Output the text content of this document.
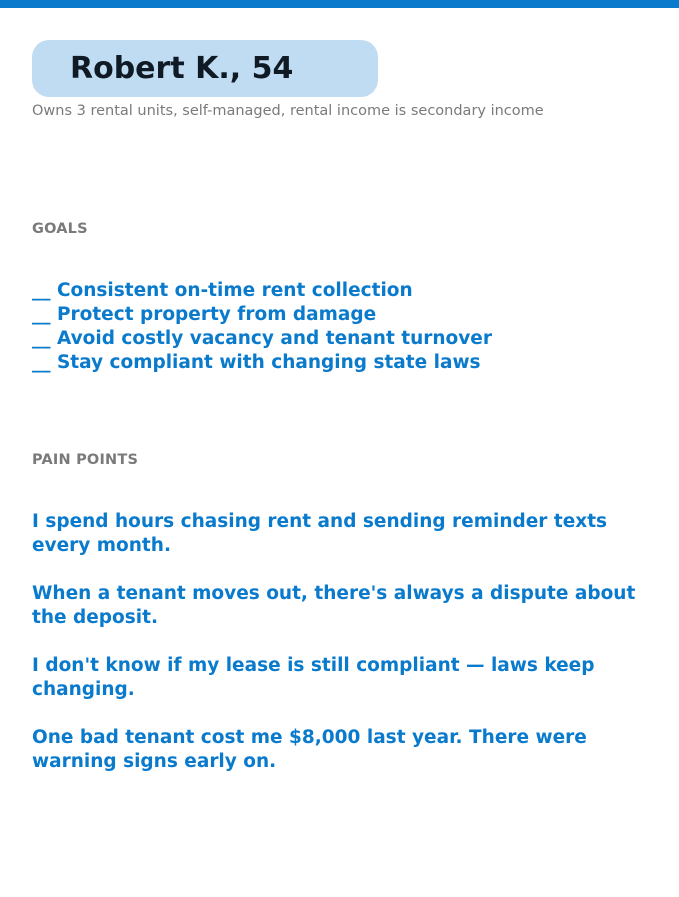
Robert K., 54
Owns 3 rental units, self-managed, rental income is secondary income
GOALS
__ Consistent on-time rent collection
__ Protect property from damage
__ Avoid costly vacancy and tenant turnover
__ Stay compliant with changing state laws
PAIN POINTS
I spend hours chasing rent and sending reminder texts every month.
When a tenant moves out, there's always a dispute about the deposit.
I don't know if my lease is still compliant — laws keep changing.
One bad tenant cost me $8,000 last year. There were warning signs early on.
